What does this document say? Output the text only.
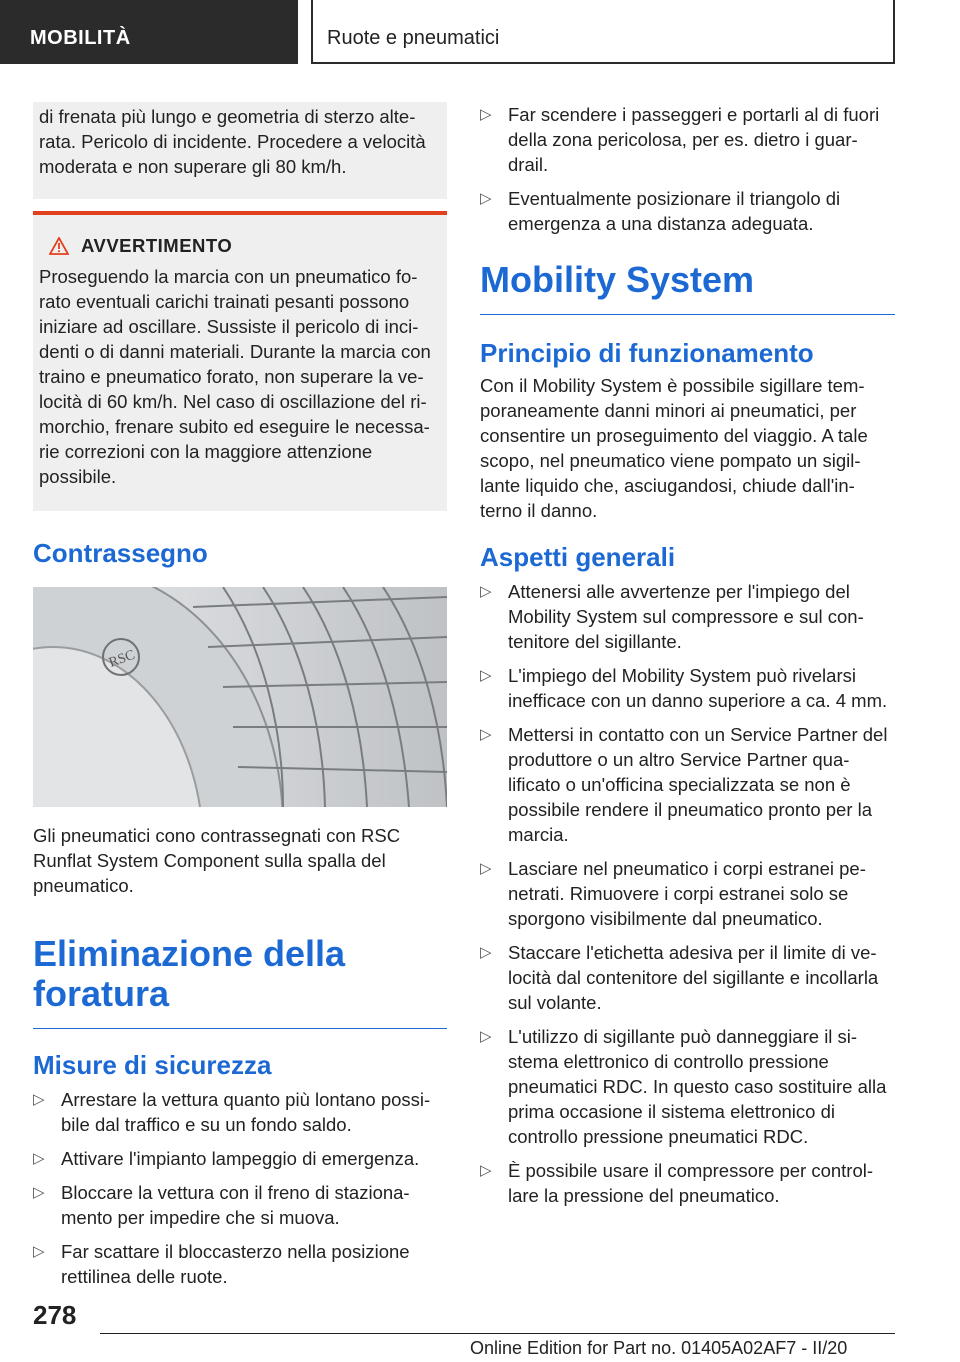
MOBILITÀ	Ruote e pneumatici

di frenata più lungo e geometria di sterzo alte-rata. Pericolo di incidente. Procedere a velocità moderata e non superare gli 80 km/h.

AVVERTIMENTO

Proseguendo la marcia con un pneumatico fo-rato eventuali carichi trainati pesanti possono iniziare ad oscillare. Sussiste il pericolo di inci-denti o di danni materiali. Durante la marcia con traino e pneumatico forato, non superare la ve-locità di 60 km/h. Nel caso di oscillazione del ri-morchio, frenare subito ed eseguire le necessa-rie correzioni con la maggiore attenzione possibile.

Contrassegno
RSC

Gli pneumatici cono contrassegnati con RSC Runflat System Component sulla spalla del pneumatico.

Eliminazione della foratura
Misure di sicurezza
▷ Arrestare la vettura quanto più lontano possi-bile dal traffico e su un fondo saldo.
▷ Attivare l'impianto lampeggio di emergenza.
▷ Bloccare la vettura con il freno di staziona-mento per impedire che si muova.
▷ Far scattare il bloccasterzo nella posizione rettilinea delle ruote.
▷ Far scendere i passeggeri e portarli al di fuori della zona pericolosa, per es. dietro i guar-drail.
▷ Eventualmente posizionare il triangolo di emergenza a una distanza adeguata.
Mobility System
Principio di funzionamento

Con il Mobility System è possibile sigillare tem-poraneamente danni minori ai pneumatici, per consentire un proseguimento del viaggio. A tale scopo, nel pneumatico viene pompato un sigil-lante liquido che, asciugandosi, chiude dall'in-terno il danno.

Aspetti generali
▷ Attenersi alle avvertenze per l'impiego del Mobility System sul compressore e sul con-tenitore del sigillante.
▷ L'impiego del Mobility System può rivelarsi inefficace con un danno superiore a ca. 4 mm.
▷ Mettersi in contatto con un Service Partner del produttore o un altro Service Partner qua-lificato o un'officina specializzata se non è possibile rendere il pneumatico pronto per la marcia.
▷ Lasciare nel pneumatico i corpi estranei pe-netrati. Rimuovere i corpi estranei solo se sporgono visibilmente dal pneumatico.
▷ Staccare l'etichetta adesiva per il limite di ve-locità dal contenitore del sigillante e incollarla sul volante.
▷ L'utilizzo di sigillante può danneggiare il si-stema elettronico di controllo pressione pneumatici RDC. In questo caso sostituire alla prima occasione il sistema elettronico di controllo pressione pneumatici RDC.
▷ È possibile usare il compressore per control-lare la pressione del pneumatico.
278
Online Edition for Part no. 01405A02AF7 - II/20
